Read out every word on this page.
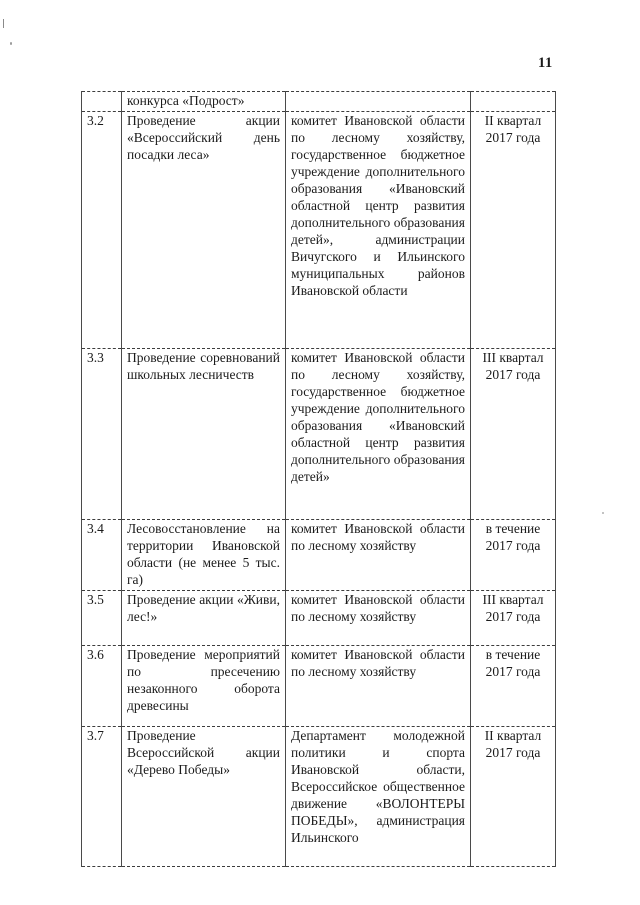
11
	конкурса «Подрост»		
3.2	Проведение акции «Всероссийский день посадки леса»	комитет Ивановской области по лесному хозяйству, государственное бюджетное учреждение дополнительного образования «Ивановский областной центр развития дополнительного образования детей», администрации Вичугского и Ильинского муниципальных районов Ивановской области	II квартал 2017 года
3.3	Проведение соревнований школьных лесничеств	комитет Ивановской области по лесному хозяйству, государственное бюджетное учреждение дополнительного образования «Ивановский областной центр развития дополнительного образования детей»	III квартал 2017 года
3.4	Лесовосстановление на территории Ивановской области (не менее 5 тыс. га)	комитет Ивановской области по лесному хозяйству	в течение 2017 года
3.5	Проведение акции «Живи, лес!»	комитет Ивановской области по лесному хозяйству	III квартал 2017 года
3.6	Проведение мероприятий по пресечению незаконного оборота древесины	комитет Ивановской области по лесному хозяйству	в течение 2017 года
3.7	Проведение Всероссийской акции «Дерево Победы»	Департамент молодежной политики и спорта Ивановской области, Всероссийское общественное движение «ВОЛОНТЕРЫ ПОБЕДЫ», администрация Ильинского	II квартал 2017 года
